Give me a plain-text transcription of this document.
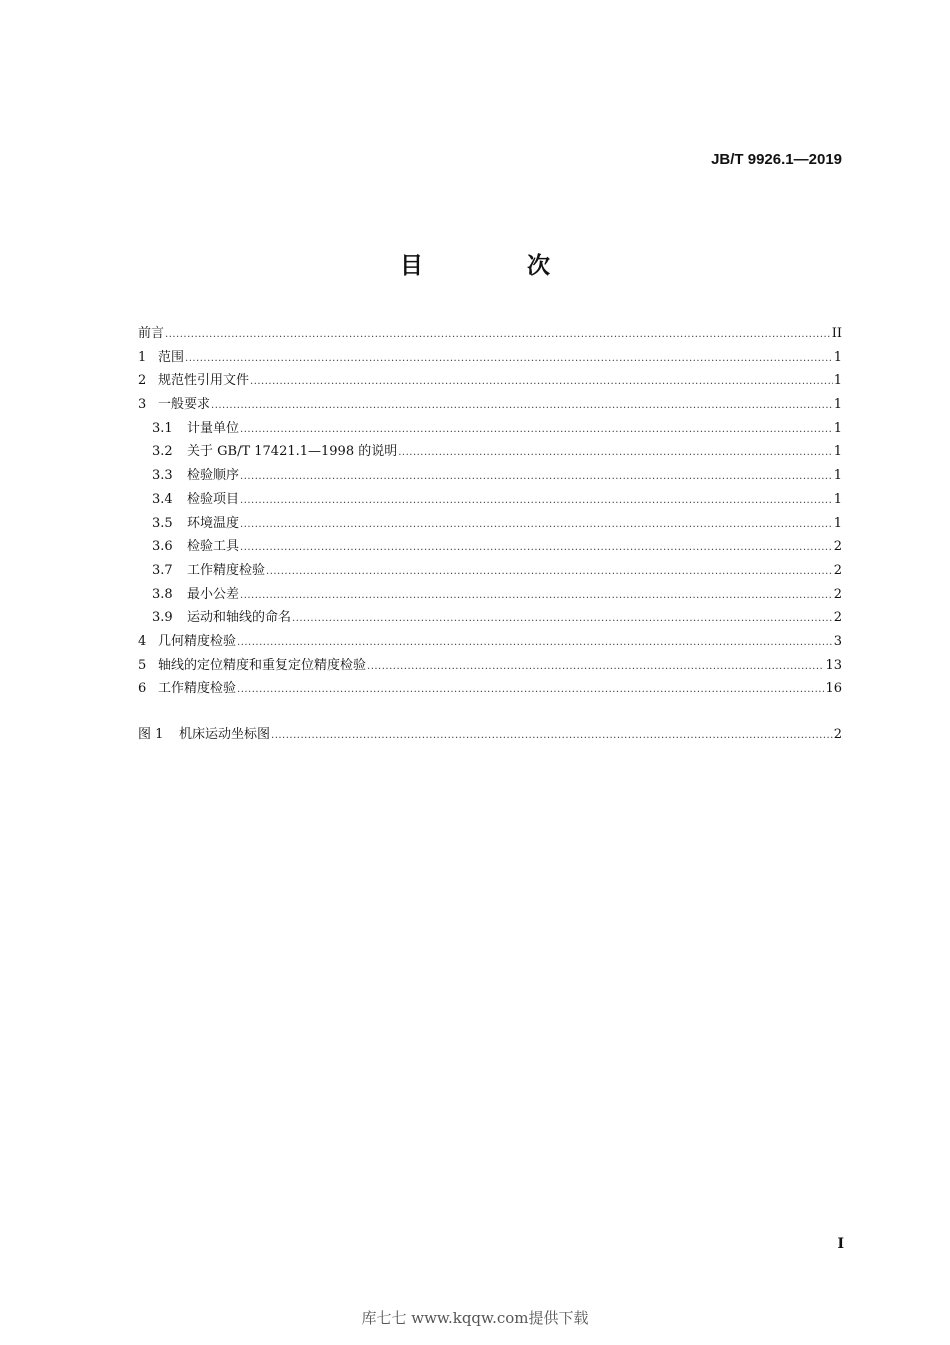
JB/T 9926.1—2019
目 次
前言 .....	II
1 范围 .....	1
2 规范性引用文件 .....	1
3 一般要求 .....	1
3.1	计量单位 .....	1
3.2	关于 GB/T 17421.1—1998 的说明 .....	1
3.3	检验顺序 .....	1
3.4	检验项目 .....	1
3.5	环境温度 .....	1
3.6	检验工具 .....	2
3.7	工作精度检验 .....	2
3.8	最小公差 .....	2
3.9	运动和轴线的命名 .....	2
4 几何精度检验 .....	3
5 轴线的定位精度和重复定位精度检验 .....	13
6 工作精度检验 .....	16
图 1	机床运动坐标图 .....	2
I
库七七 www.kqqw.com提供下载
